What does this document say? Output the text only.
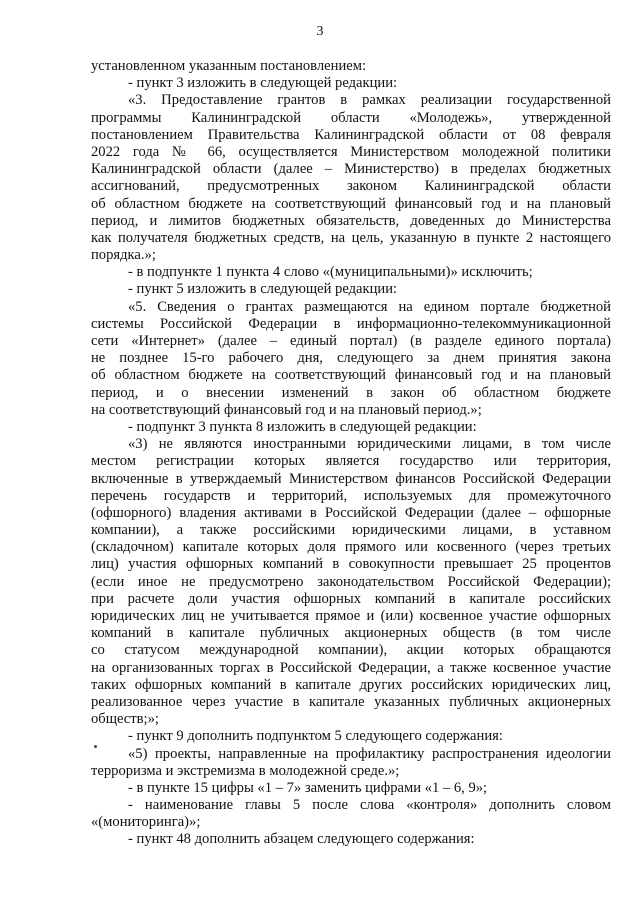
3
установленном указанным постановлением:
- пункт 3 изложить в следующей редакции:
«3. Предоставление грантов в рамках реализации государственной
программы Калининградской области «Молодежь», утвержденной
постановлением Правительства Калининградской области от 08 февраля
2022 года № 66, осуществляется Министерством молодежной политики
Калининградской области (далее – Министерство) в пределах бюджетных
ассигнований, предусмотренных законом Калининградской области
об областном бюджете на соответствующий финансовый год и на плановый
период, и лимитов бюджетных обязательств, доведенных до Министерства
как получателя бюджетных средств, на цель, указанную в пункте 2 настоящего
порядка.»;
- в подпункте 1 пункта 4 слово «(муниципальными)» исключить;
- пункт 5 изложить в следующей редакции:
«5. Сведения о грантах размещаются на едином портале бюджетной
системы Российской Федерации в информационно-телекоммуникационной
сети «Интернет» (далее – единый портал) (в разделе единого портала)
не позднее 15-го рабочего дня, следующего за днем принятия закона
об областном бюджете на соответствующий финансовый год и на плановый
период, и о внесении изменений в закон об областном бюджете
на соответствующий финансовый год и на плановый период.»;
- подпункт 3 пункта 8 изложить в следующей редакции:
«3) не являются иностранными юридическими лицами, в том числе
местом регистрации которых является государство или территория,
включенные в утверждаемый Министерством финансов Российской Федерации
перечень государств и территорий, используемых для промежуточного
(офшорного) владения активами в Российской Федерации (далее – офшорные
компании), а также российскими юридическими лицами, в уставном
(складочном) капитале которых доля прямого или косвенного (через третьих
лиц) участия офшорных компаний в совокупности превышает 25 процентов
(если иное не предусмотрено законодательством Российской Федерации);
при расчете доли участия офшорных компаний в капитале российских
юридических лиц не учитывается прямое и (или) косвенное участие офшорных
компаний в капитале публичных акционерных обществ (в том числе
со статусом международной компании), акции которых обращаются
на организованных торгах в Российской Федерации, а также косвенное участие
таких офшорных компаний в капитале других российских юридических лиц,
реализованное через участие в капитале указанных публичных акционерных
обществ;»;
- пункт 9 дополнить подпунктом 5 следующего содержания:
«5) проекты, направленные на профилактику распространения идеологии
терроризма и экстремизма в молодежной среде.»;
- в пункте 15 цифры «1 – 7» заменить цифрами «1 – 6, 9»;
- наименование главы 5 после слова «контроля» дополнить словом
«(мониторинга)»;
- пункт 48 дополнить абзацем следующего содержания:
